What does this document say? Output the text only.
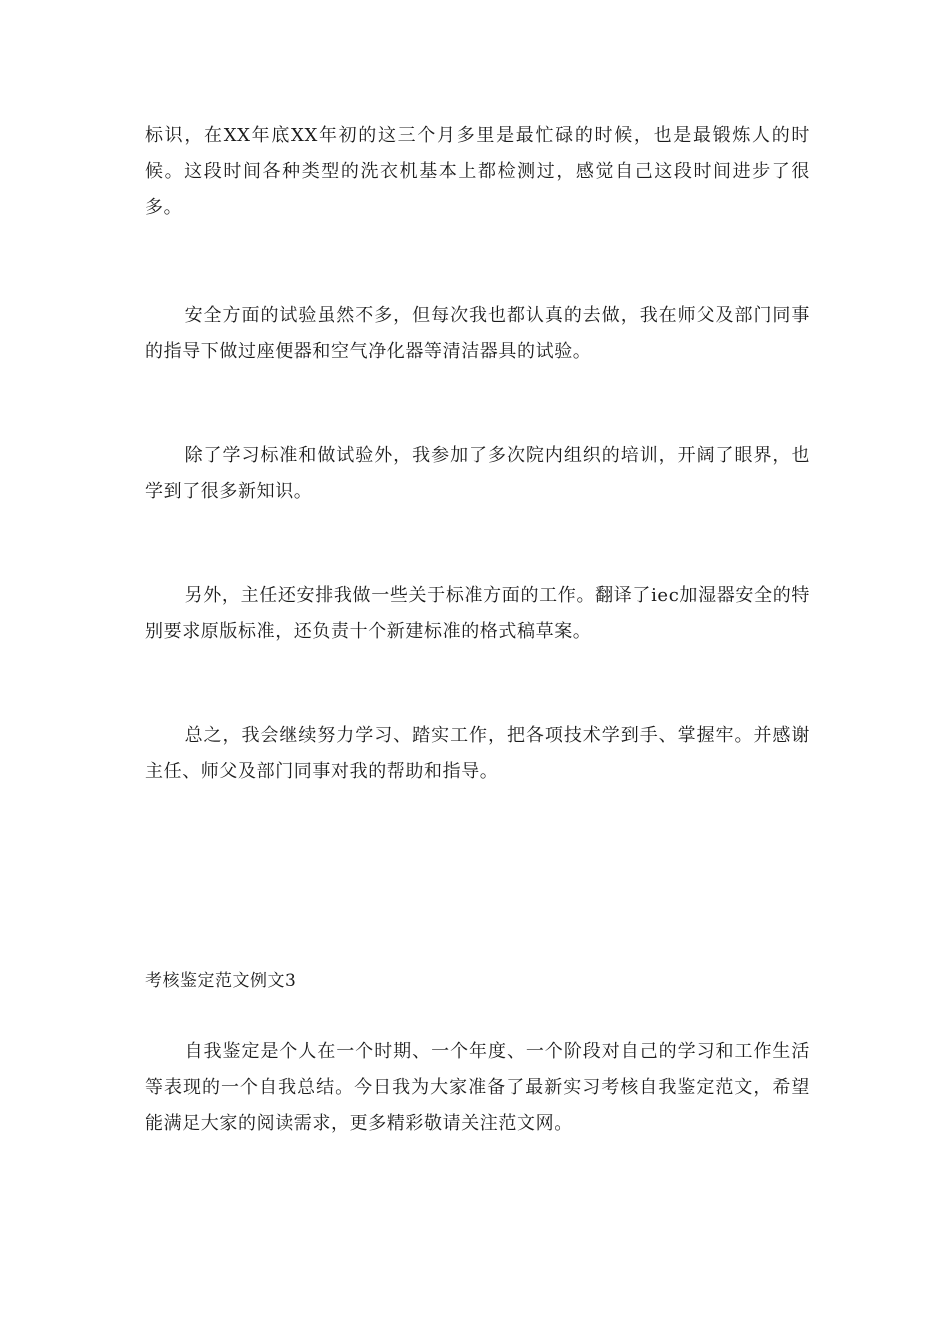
标识，在XX年底XX年初的这三个月多里是最忙碌的时候，也是最锻炼人的时候。这段时间各种类型的洗衣机基本上都检测过，感觉自己这段时间进步了很多。

安全方面的试验虽然不多，但每次我也都认真的去做，我在师父及部门同事的指导下做过座便器和空气净化器等清洁器具的试验。

除了学习标准和做试验外，我参加了多次院内组织的培训，开阔了眼界，也学到了很多新知识。

另外，主任还安排我做一些关于标准方面的工作。翻译了iec加湿器安全的特别要求原版标准，还负责十个新建标准的格式稿草案。

总之，我会继续努力学习、踏实工作，把各项技术学到手、掌握牢。并感谢主任、师父及部门同事对我的帮助和指导。

考核鉴定范文例文3

自我鉴定是个人在一个时期、一个年度、一个阶段对自己的学习和工作生活等表现的一个自我总结。今日我为大家准备了最新实习考核自我鉴定范文，希望能满足大家的阅读需求，更多精彩敬请关注范文网。
